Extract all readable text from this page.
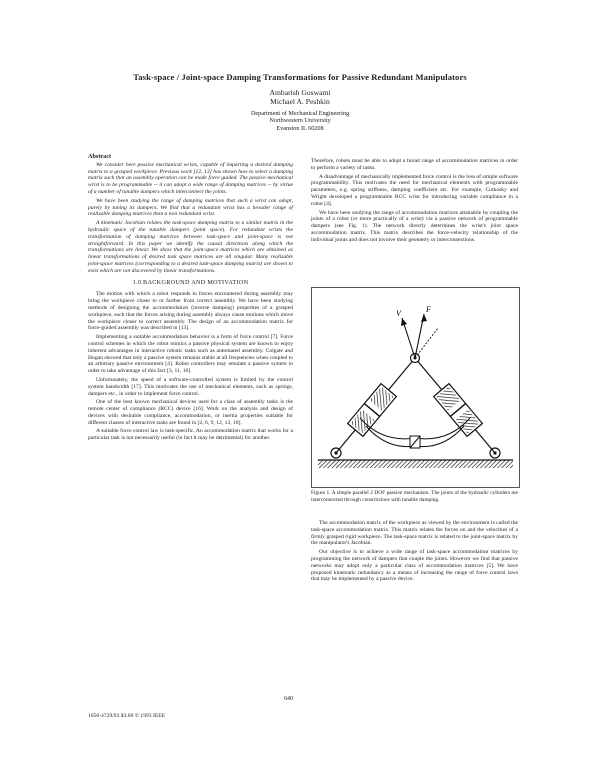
Task-space / Joint-space Damping Transformations for Passive Redundant Manipulators
Ambarish Goswami
Michael A. Peshkin
Department of Mechanical Engineering
Northwestern University
Evanston IL 60208
Abstract

We consider here passive mechanical wrists, capable of imparting a desired damping matrix to a grasped workpiece. Previous work [12, 13] has shown how to select a damping matrix such that an assembly operation can be made force guided. The passive mechanical wrist is to be programmable -- it can adopt a wide range of damping matrices -- by virtue of a number of tunable dampers which interconnect the joints.

We have been studying the range of damping matrices that such a wrist can adopt, purely by tuning its dampers. We find that a redundant wrist has a broader range of realizable damping matrices than a non redundant wrist.

A kinematic Jacobian relates the task-space damping matrix to a similar matrix in the hydraulic space of the tunable dampers (joint space). For redundant wrists the transformation of damping matrices between task-space and joint-space is not straightforward. In this paper we identify the causal directions along which the transformations are linear. We show that the joint-space matrices which are obtained as linear transformations of desired task space matrices are all singular. Many realizable joint-space matrices (corresponding to a desired task-space damping matrix) are shown to exist which are not discovered by linear transformations.

1.0 BACKGROUND AND MOTIVATION

The motion with which a robot responds to forces encountered during assembly may bring the workpiece closer to or farther from correct assembly. We have been studying methods of designing the accommodation (inverse damping) properties of a grasped workpiece, such that the forces arising during assembly always cause motions which move the workpiece closer to correct assembly. The design of an accommodation matrix for force-guided assembly was described in [13].

Implementing a suitable accommodation behavior is a form of force control [7]. Force control schemes in which the robot mimics a passive physical system are known to enjoy inherent advantages in interactive robotic tasks such as automated assembly. Colgate and Hogan showed that only a passive system remains stable at all frequencies when coupled to an arbitrary passive environment [4]. Robot controllers may emulate a passive system in order to take advantage of this fact [3, 11, 16].

Unfortunately, the speed of a software-controlled system is limited by the control system bandwidth [17]. This motivates the use of mechanical elements, such as springs, dampers etc., in order to implement force control.

One of the best known mechanical devices used for a class of assembly tasks is the remote center of compliance (RCC) device [16]. Work on the analysis and design of devices with desirable compliance, accommodation, or inertia properties suitable for different classes of interactive tasks are found in [2, 6, 9, 12, 13, 18].

A suitable force control law is task-specific. An accommodation matrix that works for a particular task is not necessarily useful (in fact it may be detrimental) for another.

Therefore, robots must be able to adopt a broad range of accommodation matrices in order to perform a variety of tasks.

A disadvantage of mechanically implemented force control is the loss of simple software programmability. This motivates the need for mechanical elements with programmable parameters, e.g. spring stiffness, damping coefficient etc. For example, Cutkosky and Wright developed a programmable RCC wrist for introducing variable compliance in a robot [4].

We have been studying the range of accommodation matrices attainable by coupling the joints of a robot (or more practically of a wrist) via a passive network of programmable dampers (see Fig. 1). The network directly determines the wrist's joint space accommodation matrix. This matrix describes the force-velocity relationship of the individual joints and does not involve their geometry or interconnections.

V	F
Figure 1. A simple parallel 2 DOF passive mechanism. The joints of the hydraulic cylinders are interconnected through constrictions with tunable damping.

The accommodation matrix of the workpiece as viewed by the environment is called the task-space accommodation matrix. This matrix relates the forces on and the velocities of a firmly grasped rigid workpiece. The task-space matrix is related to the joint-space matrix by the manipulator's Jacobian.

Our objective is to achieve a wide range of task-space accommodation matrices by programming the network of dampers that couple the joints. However we find that passive networks may adopt only a particular class of accommodation matrices [5]. We have proposed kinematic redundancy as a means of increasing the range of force control laws that may be implemented by a passive device.

640
1050-4729/93 $3.00 © 1993 IEEE
